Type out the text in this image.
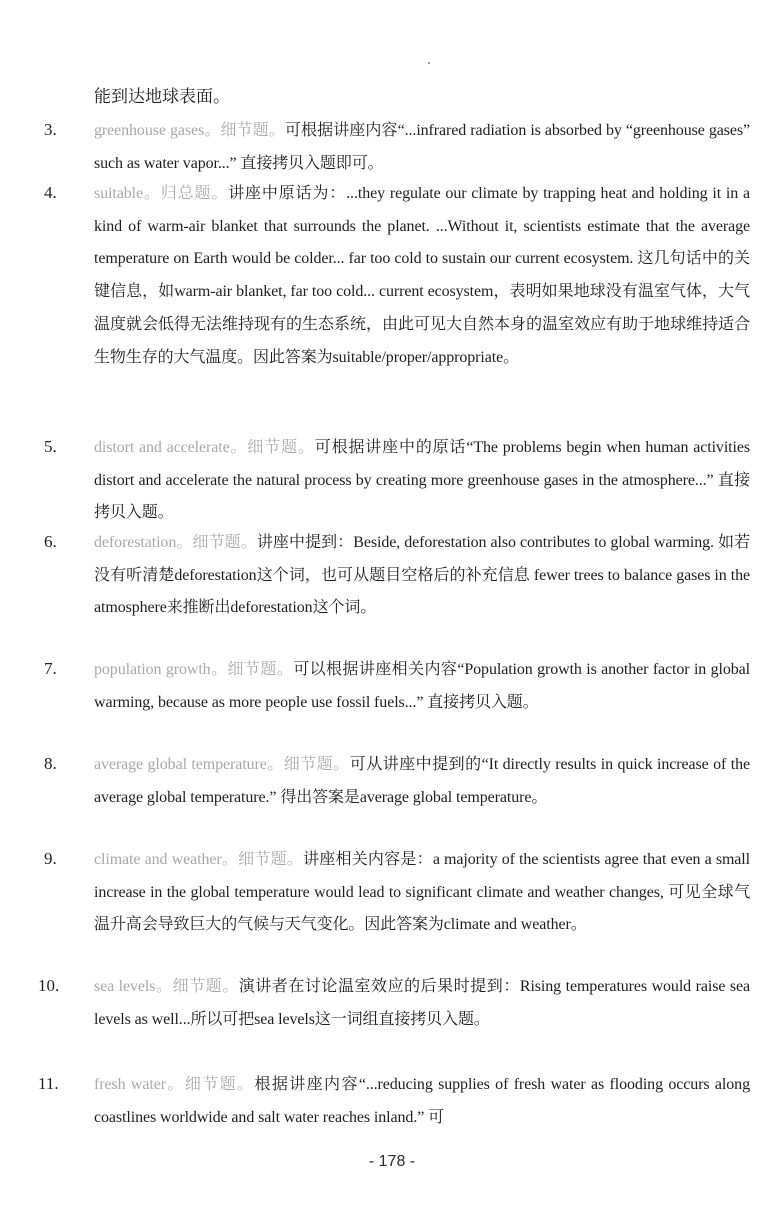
能到达地球表面。
3.	greenhouse gases。细节题。可根据讲座内容“...infrared radiation is absorbed by “greenhouse gases” such as water vapor...” 直接拷贝入题即可。
4.	suitable。归总题。讲座中原话为：...they regulate our climate by trapping heat and holding it in a kind of warm-air blanket that surrounds the planet. ...Without it, scientists estimate that the average temperature on Earth would be colder... far too cold to sustain our current ecosystem. 这几句话中的关键信息，如warm-air blanket, far too cold... current ecosystem，表明如果地球没有温室气体，大气温度就会低得无法维持现有的生态系统，由此可见大自然本身的温室效应有助于地球维持适合生物生存的大气温度。因此答案为suitable/proper/appropriate。
5.	distort and accelerate。细节题。可根据讲座中的原话“The problems begin when human activities distort and accelerate the natural process by creating more greenhouse gases in the atmosphere...” 直接拷贝入题。
6.	deforestation。细节题。讲座中提到：Beside, deforestation also contributes to global warming. 如若没有听清楚deforestation这个词，也可从题目空格后的补充信息 fewer trees to balance gases in the atmosphere来推断出deforestation这个词。
7.	population growth。细节题。可以根据讲座相关内容“Population growth is another factor in global warming, because as more people use fossil fuels...” 直接拷贝入题。
8.	average global temperature。细节题。可从讲座中提到的“It directly results in quick increase of the average global temperature.” 得出答案是average global temperature。
9.	climate and weather。细节题。讲座相关内容是：a majority of the scientists agree that even a small increase in the global temperature would lead to significant climate and weather changes, 可见全球气温升高会导致巨大的气候与天气变化。因此答案为climate and weather。
10.	sea levels。细节题。演讲者在讨论温室效应的后果时提到：Rising temperatures would raise sea levels as well...所以可把sea levels这一词组直接拷贝入题。
11.	fresh water。细节题。根据讲座内容“...reducing supplies of fresh water as flooding occurs along coastlines worldwide and salt water reaches inland.” 可
- 178 -
